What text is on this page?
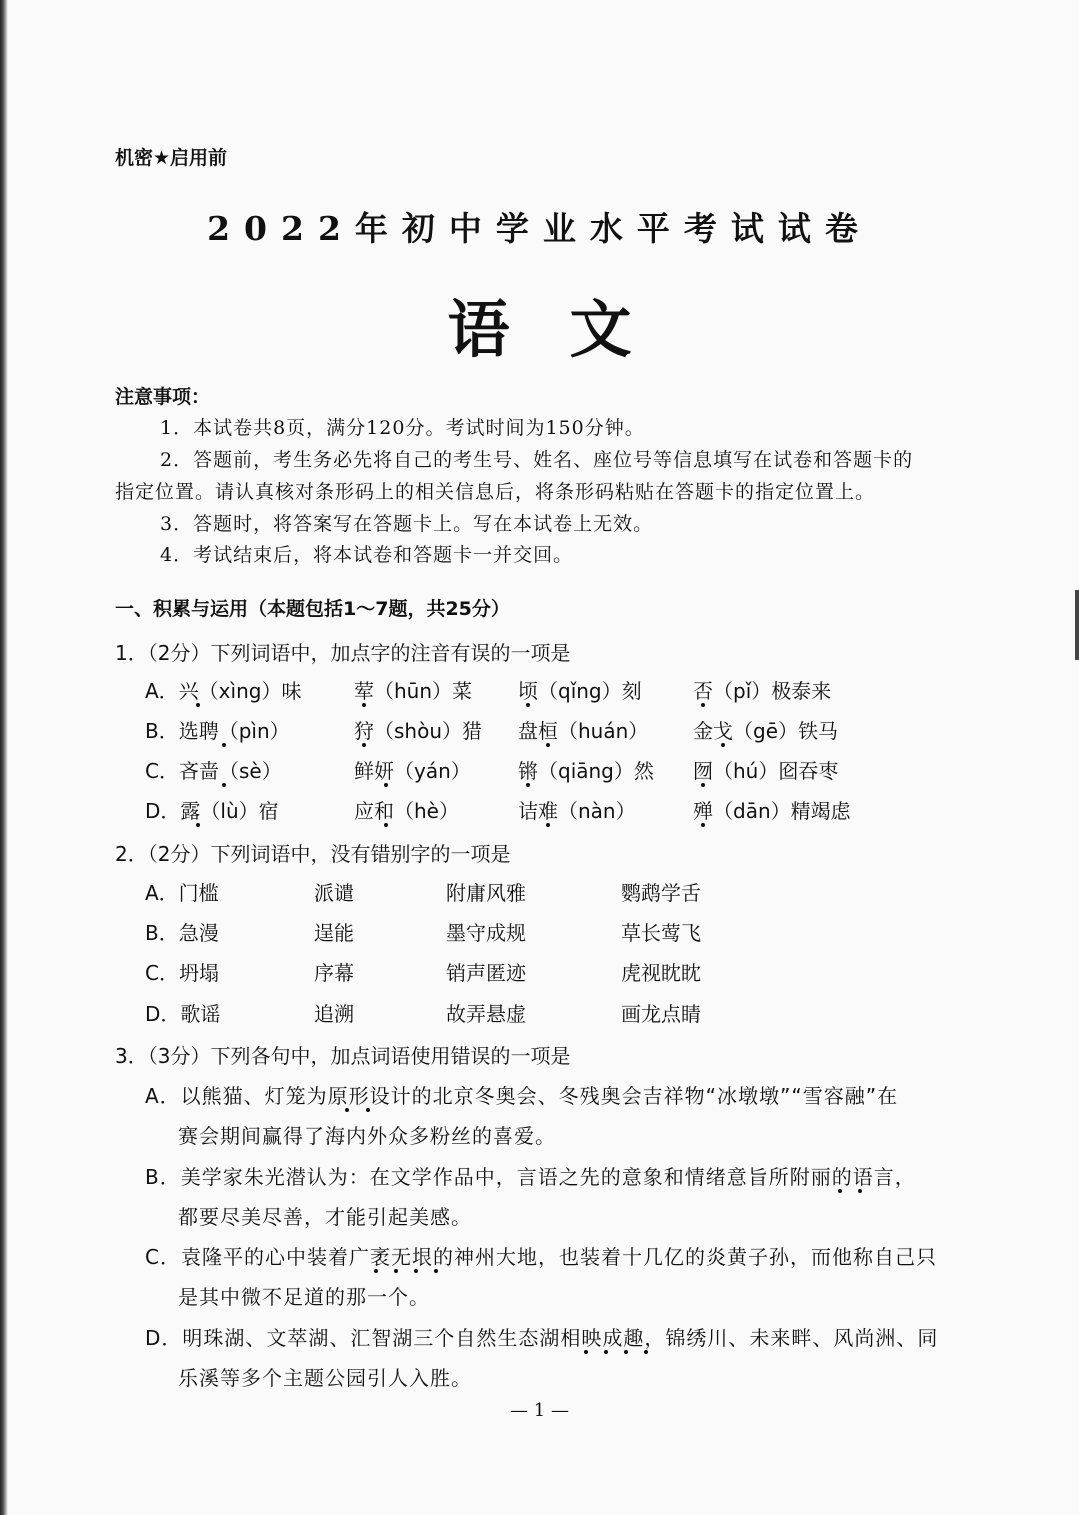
机密★启用前
2022年初中学业水平考试试卷
语文
注意事项：
1．本试卷共8页，满分120分。考试时间为150分钟。
2．答题前，考生务必先将自己的考生号、姓名、座位号等信息填写在试卷和答题卡的
指定位置。请认真核对条形码上的相关信息后，将条形码粘贴在答题卡的指定位置上。
3．答题时，将答案写在答题卡上。写在本试卷上无效。
4．考试结束后，将本试卷和答题卡一并交回。
一、积累与运用（本题包括1～7题，共25分）
1．（2分）下列词语中，加点字的注音有误的一项是
A．兴（xìng）味	荤（hūn）菜 顷（qǐng）刻	否（pǐ）极泰来
B．选聘（pìn）	狩（shòu）猎 盘桓（huán） 金戈（gē）铁马
C．吝啬（sè）	鲜妍（yán） 锵（qiāng）然 囫（hú）囵吞枣
D．露（lù）宿	应和（hè）	诘难（nàn）	殚（dān）精竭虑
2．（2分）下列词语中，没有错别字的一项是
A．门槛	派谴	附庸风雅	鹦鹉学舌
B．急漫	逞能	墨守成规	草长莺飞
C．坍塌	序幕	销声匿迹	虎视眈眈
D．歌谣	追溯	故弄悬虚	画龙点睛
3．（3分）下列各句中，加点词语使用错误的一项是
A．以熊猫、灯笼为原形设计的北京冬奥会、冬残奥会吉祥物“冰墩墩”“雪容融”在
赛会期间赢得了海内外众多粉丝的喜爱。
B．美学家朱光潜认为：在文学作品中，言语之先的意象和情绪意旨所附丽的语言，
都要尽美尽善，才能引起美感。
C．袁隆平的心中装着广袤无垠的神州大地，也装着十几亿的炎黄子孙，而他称自己只
是其中微不足道的那一个。
D．明珠湖、文萃湖、汇智湖三个自然生态湖相映成趣，锦绣川、未来畔、风尚洲、同
乐溪等多个主题公园引人入胜。
— 1 —
